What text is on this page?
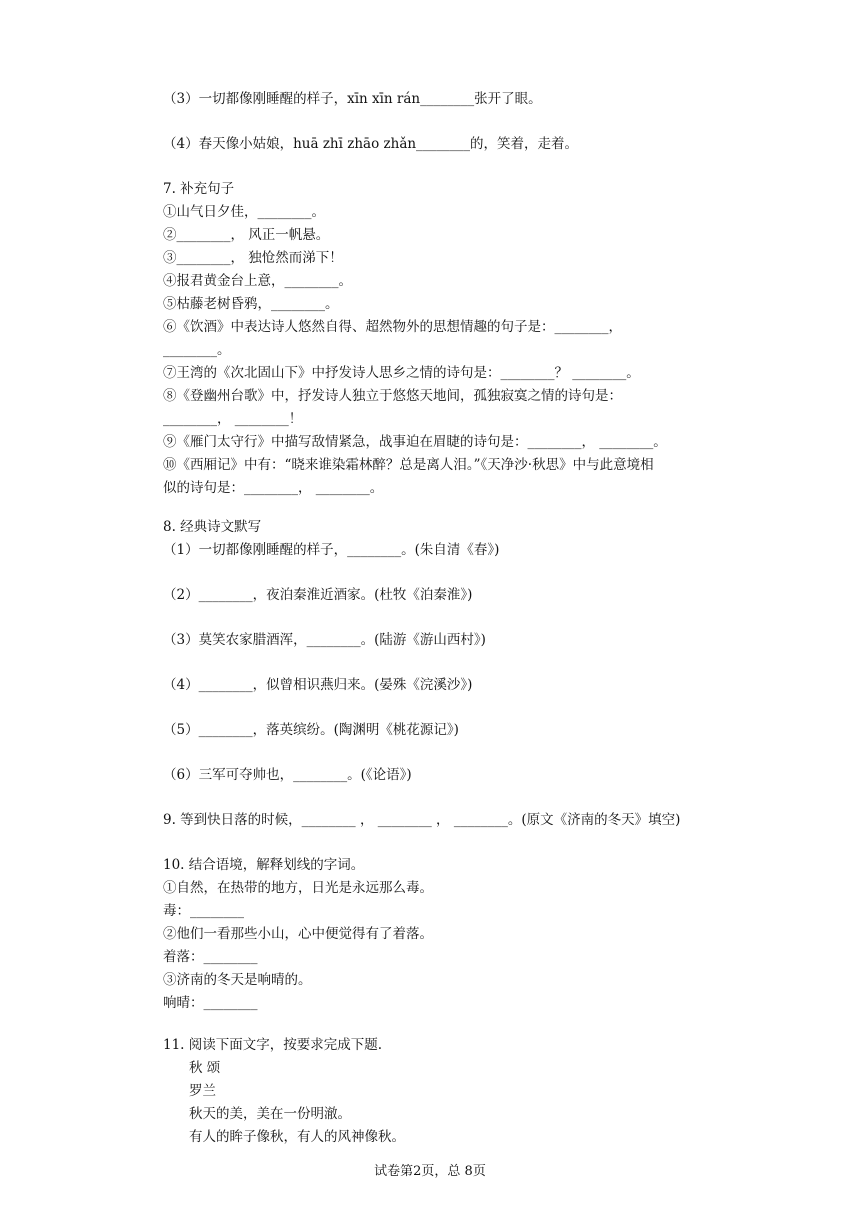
（3）一切都像刚睡醒的样子，xīn xīn rán________张开了眼。
（4）春天像小姑娘，huā zhī zhāo zhǎn________的，笑着，走着。
7. 补充句子
①山气日夕佳，________。
②________， 风正一帆悬。
③________， 独怆然而涕下！
④报君黄金台上意，________。
⑤枯藤老树昏鸦，________。
⑥《饮酒》中表达诗人悠然自得、超然物外的思想情趣的句子是：________，
________。
⑦王湾的《次北固山下》中抒发诗人思乡之情的诗句是：________？ ________。
⑧《登幽州台歌》中，抒发诗人独立于悠悠天地间，孤独寂寞之情的诗句是：
________， ________！
⑨《雁门太守行》中描写敌情紧急，战事迫在眉睫的诗句是：________， ________。
⑩《西厢记》中有：“晓来谁染霜林醉？总是离人泪。”《天净沙·秋思》中与此意境相
似的诗句是：________， ________。
8. 经典诗文默写
（1）一切都像刚睡醒的样子，________。(朱自清《春》)
（2）________，夜泊秦淮近酒家。(杜牧《泊秦淮》)
（3）莫笑农家腊酒浑，________。(陆游《游山西村》)
（4）________，似曾相识燕归来。(晏殊《浣溪沙》)
（5）________，落英缤纷。(陶渊明《桃花源记》)
（6）三军可夺帅也，________。(《论语》)
9. 等到快日落的时候，________ ， ________ ， ________。(原文《济南的冬天》填空)
10. 结合语境，解释划线的字词。
①自然，在热带的地方，日光是永远那么毒。
毒：________
②他们一看那些小山，心中便觉得有了着落。
着落：________
③济南的冬天是响晴的。
响晴：________
11. 阅读下面文字，按要求完成下题.
秋 颂
罗兰
秋天的美，美在一份明澈。
有人的眸子像秋，有人的风神像秋。
试卷第2页，总 8页
